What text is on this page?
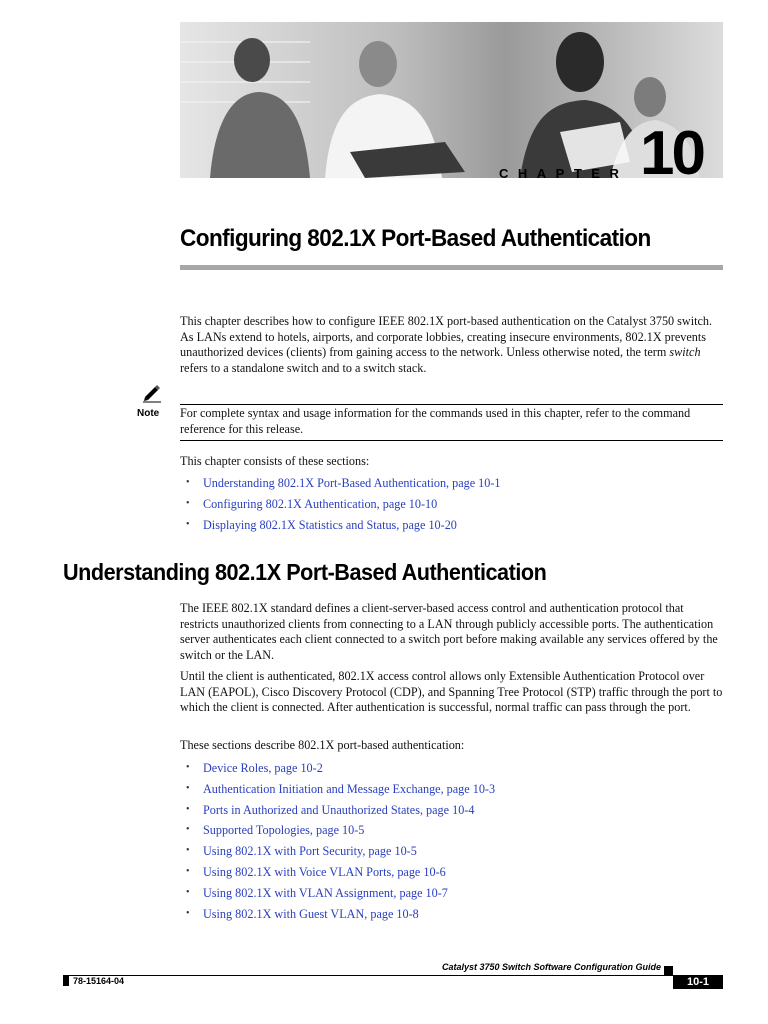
10
CHAPTER
Configuring 802.1X Port-Based Authentication
This chapter describes how to configure IEEE 802.1X port-based authentication on the Catalyst 3750 switch. As LANs extend to hotels, airports, and corporate lobbies, creating insecure environments, 802.1X prevents unauthorized devices (clients) from gaining access to the network. Unless otherwise noted, the term switch refers to a standalone switch and to a switch stack.
Note For complete syntax and usage information for the commands used in this chapter, refer to the command reference for this release.
This chapter consists of these sections:
• Understanding 802.1X Port-Based Authentication, page 10-1
• Configuring 802.1X Authentication, page 10-10
• Displaying 802.1X Statistics and Status, page 10-20
Understanding 802.1X Port-Based Authentication
The IEEE 802.1X standard defines a client-server-based access control and authentication protocol that restricts unauthorized clients from connecting to a LAN through publicly accessible ports. The authentication server authenticates each client connected to a switch port before making available any services offered by the switch or the LAN.
Until the client is authenticated, 802.1X access control allows only Extensible Authentication Protocol over LAN (EAPOL), Cisco Discovery Protocol (CDP), and Spanning Tree Protocol (STP) traffic through the port to which the client is connected. After authentication is successful, normal traffic can pass through the port.
These sections describe 802.1X port-based authentication:
• Device Roles, page 10-2
• Authentication Initiation and Message Exchange, page 10-3
• Ports in Authorized and Unauthorized States, page 10-4
• Supported Topologies, page 10-5
• Using 802.1X with Port Security, page 10-5
• Using 802.1X with Voice VLAN Ports, page 10-6
• Using 802.1X with VLAN Assignment, page 10-7
• Using 802.1X with Guest VLAN, page 10-8
Catalyst 3750 Switch Software Configuration Guide
78-15164-04	10-1
